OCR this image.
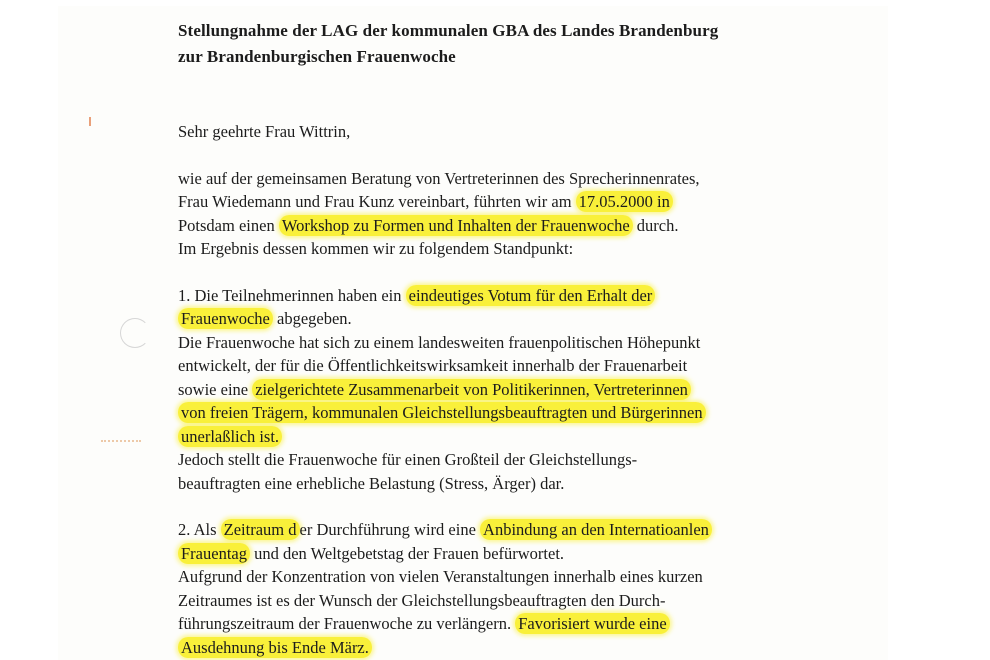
Stellungnahme der LAG der kommunalen GBA des Landes Brandenburg

zur Brandenburgischen Frauenwoche

Sehr geehrte Frau Wittrin,

wie auf der gemeinsamen Beratung von Vertreterinnen des Sprecherinnenrates,

Frau Wiedemann und Frau Kunz vereinbart, führten wir am 17.05.2000 in

Potsdam einen Workshop zu Formen und Inhalten der Frauenwoche durch.

Im Ergebnis dessen kommen wir zu folgendem Standpunkt:

1. Die Teilnehmerinnen haben ein eindeutiges Votum für den Erhalt der

Frauenwoche abgegeben.

Die Frauenwoche hat sich zu einem landesweiten frauenpolitischen Höhepunkt

entwickelt, der für die Öffentlichkeitswirksamkeit innerhalb der Frauenarbeit

sowie eine zielgerichtete Zusammenarbeit von Politikerinnen, Vertreterinnen

von freien Trägern, kommunalen Gleichstellungsbeauftragten und Bürgerinnen

unerlaßlich ist.

Jedoch stellt die Frauenwoche für einen Großteil der Gleichstellungs-

beauftragten eine erhebliche Belastung (Stress, Ärger) dar.

2. Als Zeitraum d er Durchführung wird eine Anbindung an den Internatioanlen

Frauentag und den Weltgebetstag der Frauen befürwortet.

Aufgrund der Konzentration von vielen Veranstaltungen innerhalb eines kurzen

Zeitraumes ist es der Wunsch der Gleichstellungsbeauftragten den Durch-

führungszeitraum der Frauenwoche zu verlängern. Favorisiert wurde eine

Ausdehnung bis Ende März.
